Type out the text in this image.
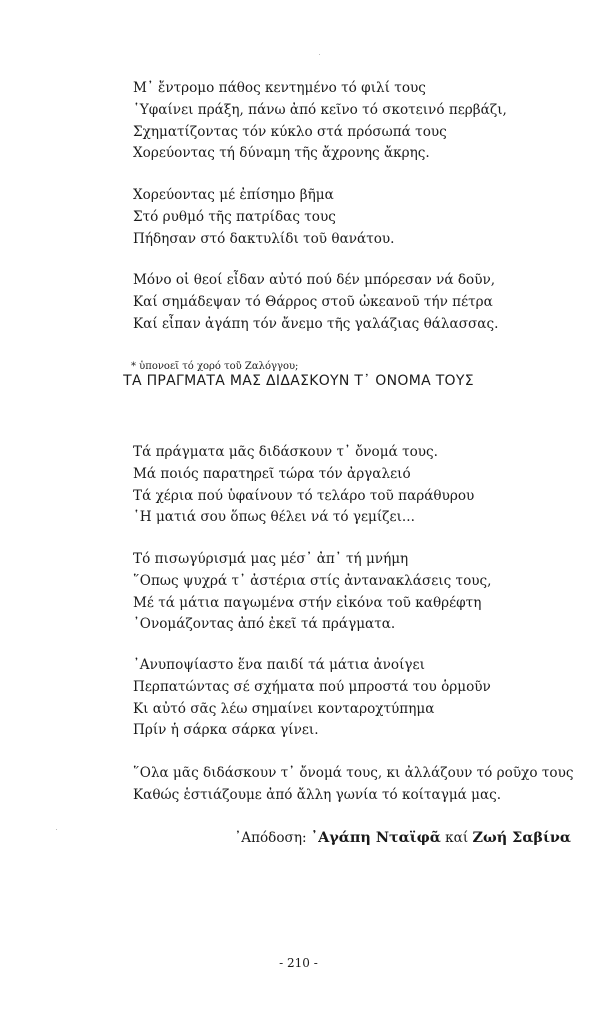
Μ᾽ ἔντρομο πάθος κεντημένο τό φιλί τους
῾Υφαίνει πράξη, πάνω ἀπό κεῖνο τό σκοτεινό περβάζι,
Σχηματίζοντας τόν κύκλο στά πρόσωπά τους
Χορεύοντας τή δύναμη τῆς ἄχρονης ἄκρης.
Χορεύοντας μέ ἐπίσημο βῆμα
Στό ρυθμό τῆς πατρίδας τους
Πήδησαν στό δακτυλίδι τοῦ θανάτου.
Μόνο οἱ θεοί εἶδαν αὐτό πού δέν μπόρεσαν νά δοῦν,
Καί σημάδεψαν τό Θάρρος στοῦ ὠκεανοῦ τήν πέτρα
Καί εἶπαν ἀγάπη τόν ἄνεμο τῆς γαλάζιας θάλασσας.
* ὑπονοεῖ τό χορό τοῦ Ζαλόγγου;
ΤΑ ΠΡΑΓΜΑΤΑ ΜΑΣ ΔΙΔΑΣΚΟΥΝ Τ᾽ ΟΝΟΜΑ ΤΟΥΣ
Τά πράγματα μᾶς διδάσκουν τ᾽ ὄνομά τους.
Μά ποιός παρατηρεῖ τώρα τόν ἀργαλειό
Τά χέρια πού ὑφαίνουν τό τελάρο τοῦ παράθυρου
῾Η ματιά σου ὅπως θέλει νά τό γεμίζει...
Τό πισωγύρισμά μας μέσ᾽ ἀπ᾽ τή μνήμη
῞Οπως ψυχρά τ᾽ ἀστέρια στίς ἀντανακλάσεις τους,
Μέ τά μάτια παγωμένα στήν εἰκόνα τοῦ καθρέφτη
᾽Ονομάζοντας ἀπό ἐκεῖ τά πράγματα.
᾽Ανυποψίαστο ἕνα παιδί τά μάτια ἀνοίγει
Περπατώντας σέ σχήματα πού μπροστά του ὁρμοῦν
Κι αὐτό σᾶς λέω σημαίνει κονταροχτύπημα
Πρίν ἡ σάρκα σάρκα γίνει.
῞Ολα μᾶς διδάσκουν τ᾽ ὄνομά τους, κι ἀλλάζουν τό ροῦχο τους
Καθώς ἑστιάζουμε ἀπό ἄλλη γωνία τό κοίταγμά μας.
᾽Απόδοση: ᾽Αγάπη Νταϊφᾶ καί Ζωή Σαβίνα
- 210 -
